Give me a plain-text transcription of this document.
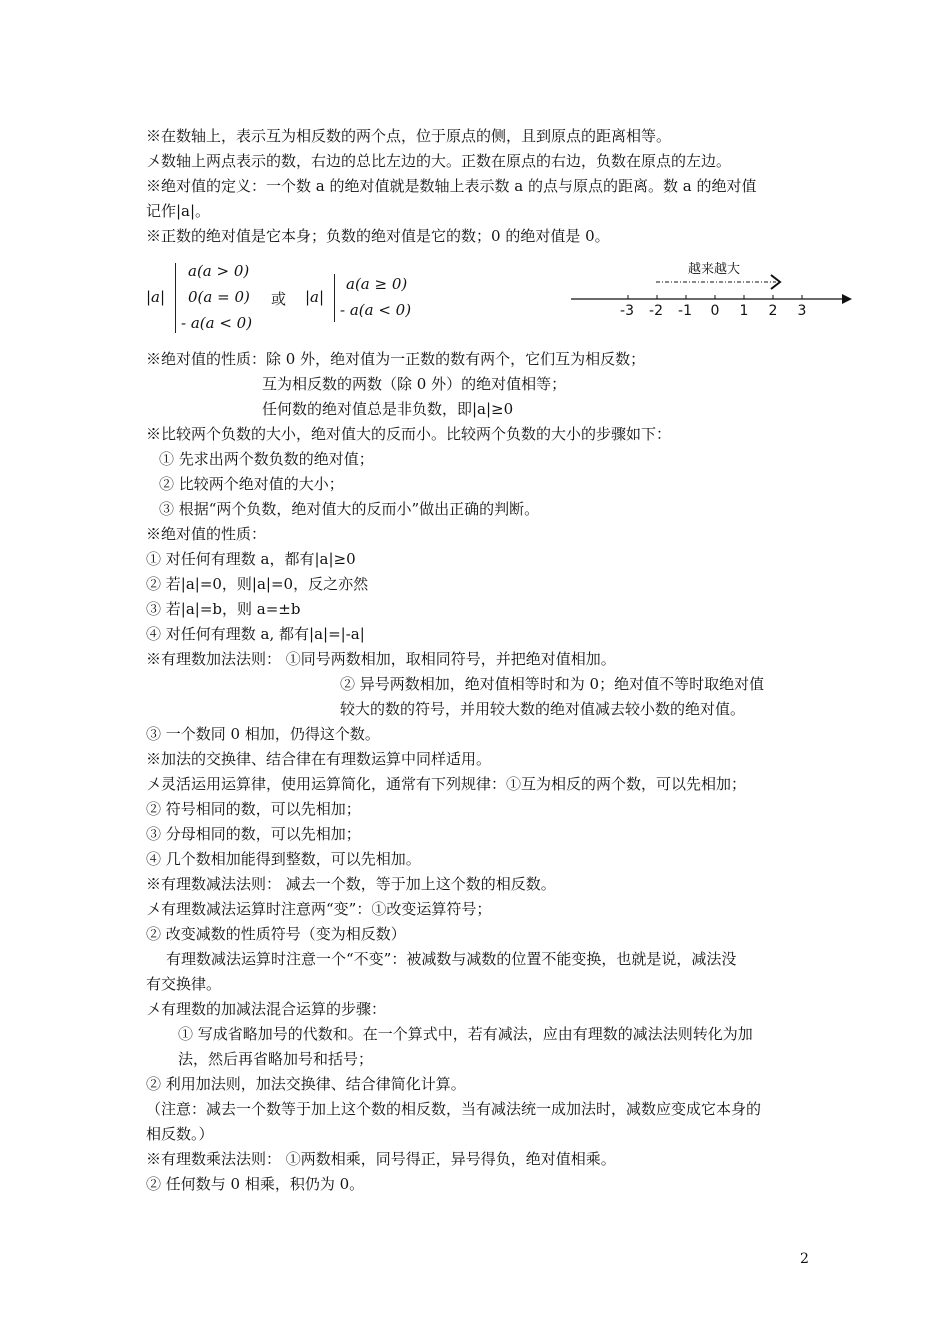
※在数轴上，表示互为相反数的两个点，位于原点的侧，且到原点的距离相等。
〤数轴上两点表示的数，右边的总比左边的大。正数在原点的右边，负数在原点的左边。
※绝对值的定义：一个数 a 的绝对值就是数轴上表示数 a 的点与原点的距离。数 a 的绝对值
记作|a|。
※正数的绝对值是它本身；负数的绝对值是它的数；0 的绝对值是 0。
|a|
a(a > 0)
0(a = 0)
- a(a < 0)
或 |a|
a(a ≥ 0)
- a(a < 0)
越来越大
-3 -2 -1 0 1 2 3
※绝对值的性质：除 0 外，绝对值为一正数的数有两个，它们互为相反数；
互为相反数的两数（除 0 外）的绝对值相等；
任何数的绝对值总是非负数，即|a|≥0
※比较两个负数的大小，绝对值大的反而小。比较两个负数的大小的步骤如下：
① 先求出两个数负数的绝对值；
② 比较两个绝对值的大小；
③ 根据“两个负数，绝对值大的反而小”做出正确的判断。
※绝对值的性质：
① 对任何有理数 a，都有|a|≥0
② 若|a|=0，则|a|=0，反之亦然
③ 若|a|=b，则 a=±b
④ 对任何有理数 a, 都有|a|=|-a|
※有理数加法法则： ①同号两数相加，取相同符号，并把绝对值相加。
② 异号两数相加，绝对值相等时和为 0；绝对值不等时取绝对值
较大的数的符号，并用较大数的绝对值减去较小数的绝对值。
③ 一个数同 0 相加，仍得这个数。
※加法的交换律、结合律在有理数运算中同样适用。
〤灵活运用运算律，使用运算简化，通常有下列规律：①互为相反的两个数，可以先相加；
② 符号相同的数，可以先相加；
③ 分母相同的数，可以先相加；
④ 几个数相加能得到整数，可以先相加。
※有理数减法法则： 减去一个数，等于加上这个数的相反数。
〤有理数减法运算时注意两“变”：①改变运算符号；
② 改变减数的性质符号（变为相反数）
有理数减法运算时注意一个“不变”：被减数与减数的位置不能变换，也就是说，减法没
有交换律。
〤有理数的加减法混合运算的步骤：
① 写成省略加号的代数和。在一个算式中，若有减法，应由有理数的减法法则转化为加
法，然后再省略加号和括号；
② 利用加法则，加法交换律、结合律简化计算。
（注意：减去一个数等于加上这个数的相反数，当有减法统一成加法时，减数应变成它本身的
相反数。）
※有理数乘法法则： ①两数相乘，同号得正，异号得负，绝对值相乘。
② 任何数与 0 相乘，积仍为 0。
2
